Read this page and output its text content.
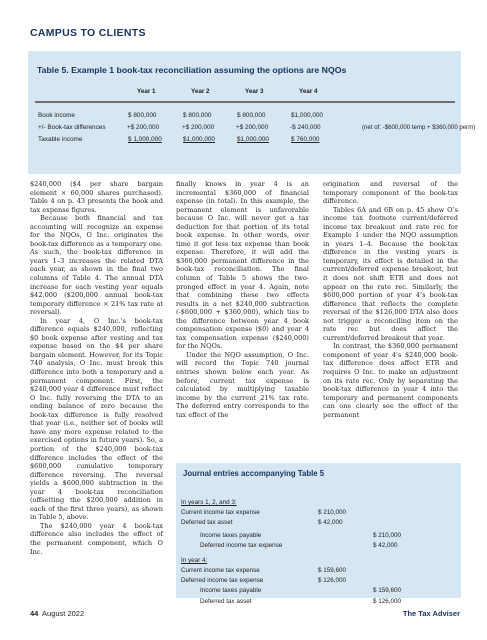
CAMPUS TO CLIENTS
Table 5. Example 1 book-tax reconciliation assuming the options are NQOs
Year 1	Year 2	Year 3	Year 4
Book income	$ 800,000	$ 800,000	$ 800,000	$1,000,000
+/- Book-tax differences	+$ 200,000	+$ 200,000	+$ 200,000	-$ 240,000	(net of: -$600,000 temp + $360,000 perm)
Taxable income	$ 1,000,000	$1,000,000	$1,000,000	$ 760,000

$240,000 ($4 per share bargain element × 60,000 shares purchased). Table 4 on p. 43 presents the book and tax expense figures.

Because both financial and tax accounting will recognize an expense for the NQOs, O Inc. originates the book-tax difference as a temporary one. As such, the book-tax difference in years 1–3 increases the related DTA each year, as shown in the final two columns of Table 4. The annual DTA increase for each vesting year equals $42,000 ($200,000 annual book-tax temporary difference × 21% tax rate at reversal).

In year 4, O Inc.’s book-tax difference equals $240,000, reflecting $0 book expense after vesting and tax expense based on the $4 per share bargain element. However, for its Topic 740 analysis, O Inc. must break this difference into both a temporary and a permanent component. First, the $240,000 year 4 difference must reflect O Inc. fully reversing the DTA to an ending balance of zero because the book-tax difference is fully resolved that year (i.e., neither set of books will have any more expense related to the exercised options in future years). So, a portion of the $240,000 book-tax difference includes the effect of the $600,000 cumulative temporary difference reversing. The reversal yields a $600,000 subtraction in the year 4 book-tax reconciliation (offsetting the $200,000 addition in each of the first three years), as shown in Table 5, above.

The $240,000 year 4 book-tax difference also includes the effect of the permanent component, which O Inc.

finally knows in year 4 is an incremental $360,000 of financial expense (in total). In this example, the permanent element is unfavorable because O Inc. will never get a tax deduction for that portion of its total book expense. In other words, over time it got less tax expense than book expense. Therefore, it will add the $360,000 permanent difference in the book-tax reconciliation. The final column of Table 5 shows the two-pronged effect in year 4. Again, note that combining these two effects results in a net $240,000 subtraction (-$600,000 + $360,000), which ties to the difference between year 4 book compensation expense ($0) and year 4 tax compensation expense ($240,000) for the NQOs.

Under the NQO assumption, O Inc. will record the Topic 740 journal entries shown below each year. As before, current tax expense is calculated by multiplying taxable income by the current 21% tax rate. The deferred entry corresponds to the tax effect of the

origination and reversal of the temporary component of the book-tax difference.

Tables 6A and 6B on p. 45 show O’s income tax footnote current/deferred income tax breakout and rate rec for Example 1 under the NQO assumption in years 1–4. Because the book-tax difference in the vesting years is temporary, its effect is detailed in the current/deferred expense breakout, but it does not shift ETR and does not appear on the rate rec. Similarly, the $600,000 portion of year 4’s book-tax difference that reflects the complete reversal of the $126,000 DTA also does not trigger a reconciling item on the rate rec but does affect the current/deferred breakout that year.

In contrast, the $360,000 permanent component of year 4’s $240,000 book-tax difference does affect ETR and requires O Inc. to make an adjustment on its rate rec. Only by separating the book-tax difference in year 4 into the temporary and permanent components can one clearly see the effect of the permanent

Journal entries accompanying Table 5
In years 1, 2, and 3:
Current income tax expense	$ 210,000
Deferred tax asset	$ 42,000
Income taxes payable	$ 210,000
Deferred income tax expense	$ 42,000
In year 4:
Current income tax expense	$ 159,600
Deferred income tax expense	$ 126,000
Income taxes payable	$ 159,600
Deferred tax asset	$ 126,000
44 August 2022	The Tax Adviser
